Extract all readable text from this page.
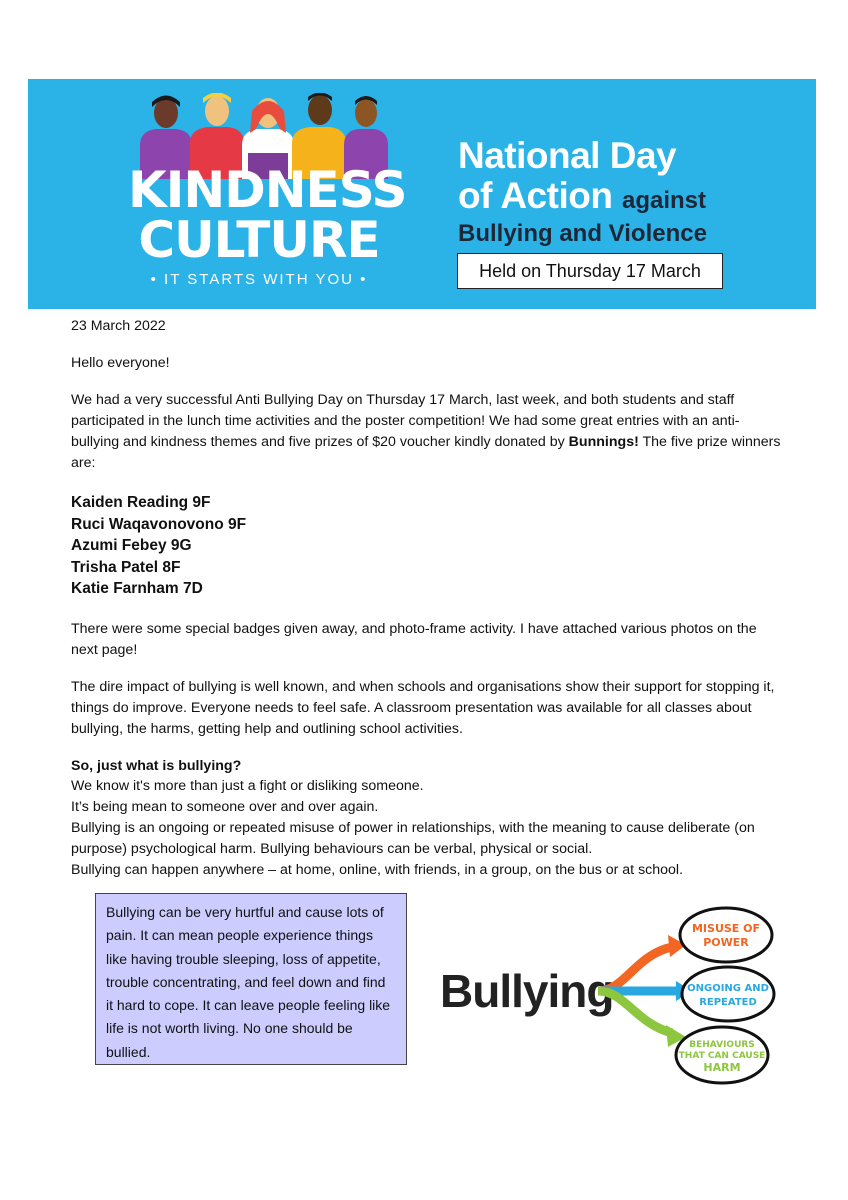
KINDNESS
CULTURE
• IT STARTS WITH YOU •
National Day
of Action against
Bullying and Violence
Held on Thursday 17 March
23 March 2022
Hello everyone!
We had a very successful Anti Bullying Day on Thursday 17 March, last week, and both students and staff participated in the lunch time activities and the poster competition! We had some great entries with an anti-bullying and kindness themes and five prizes of $20 voucher kindly donated by Bunnings! The five prize winners are:
Kaiden Reading 9F
Ruci Waqavonovono 9F
Azumi Febey 9G
Trisha Patel 8F
Katie Farnham 7D
There were some special badges given away, and photo-frame activity. I have attached various photos on the next page!
The dire impact of bullying is well known, and when schools and organisations show their support for stopping it, things do improve. Everyone needs to feel safe. A classroom presentation was available for all classes about bullying, the harms, getting help and outlining school activities.
So, just what is bullying?
We know it's more than just a fight or disliking someone.
It’s being mean to someone over and over again.
Bullying is an ongoing or repeated misuse of power in relationships, with the meaning to cause deliberate (on purpose) psychological harm. Bullying behaviours can be verbal, physical or social.
Bullying can happen anywhere – at home, online, with friends, in a group, on the bus or at school.
Bullying can be very hurtful and cause lots of pain. It can mean people experience things like having trouble sleeping, loss of appetite, trouble concentrating, and feel down and find it hard to cope. It can leave people feeling like life is not worth living. No one should be bullied.
Bullying
MISUSE OF
POWER
ONGOING AND
REPEATED
BEHAVIOURS
THAT CAN CAUSE
HARM
